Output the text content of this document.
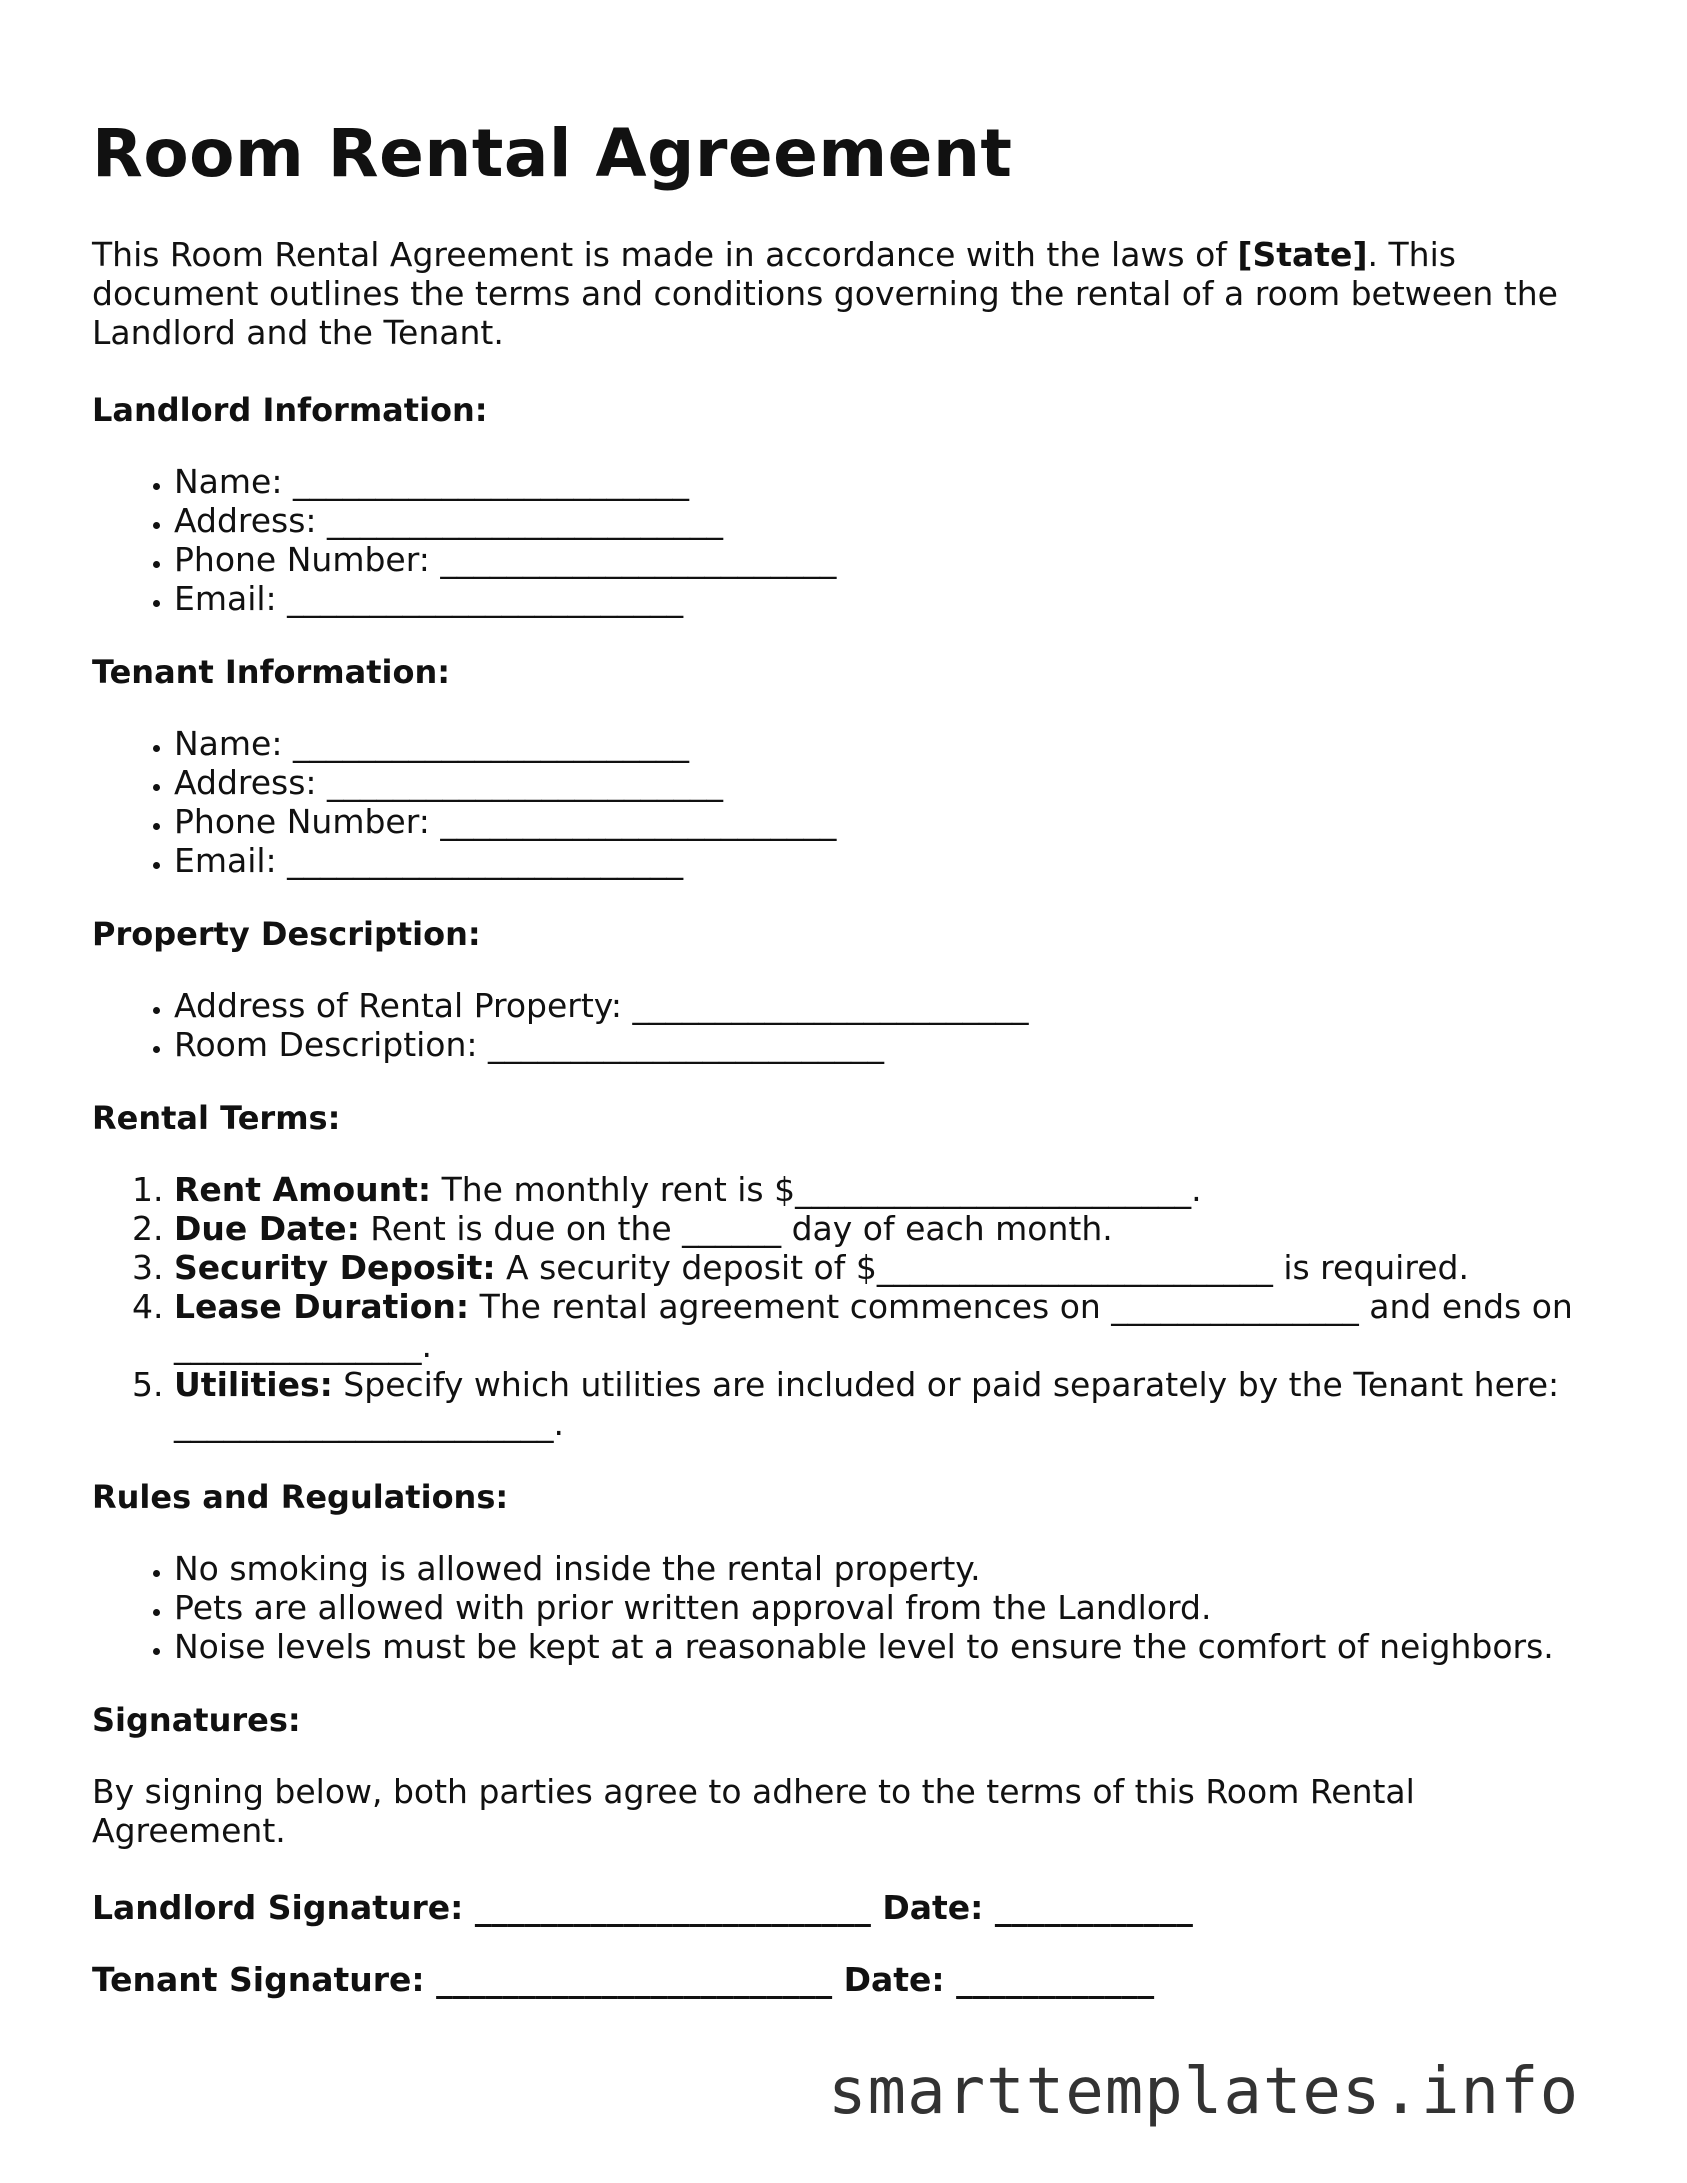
Room Rental Agreement

This Room Rental Agreement is made in accordance with the laws of [State]. This document outlines the terms and conditions governing the rental of a room between the Landlord and the Tenant.

Landlord Information:
• Name: ________________________
• Address: ________________________
• Phone Number: ________________________
• Email: ________________________
Tenant Information:
• Name: ________________________
• Address: ________________________
• Phone Number: ________________________
• Email: ________________________
Property Description:
• Address of Rental Property: ________________________
• Room Description: ________________________
Rental Terms:
1. Rent Amount: The monthly rent is $________________________.
2. Due Date: Rent is due on the ______ day of each month.
3. Security Deposit: A security deposit of $________________________ is required.
4. Lease Duration: The rental agreement commences on _______________ and ends on _______________.
5. Utilities: Specify which utilities are included or paid separately by the Tenant here: _______________________.
Rules and Regulations:
• No smoking is allowed inside the rental property.
• Pets are allowed with prior written approval from the Landlord.
• Noise levels must be kept at a reasonable level to ensure the comfort of neighbors.
Signatures:

By signing below, both parties agree to adhere to the terms of this Room Rental Agreement.

Landlord Signature: ________________________ Date: ____________
Tenant Signature: ________________________ Date: ____________
smarttemplates.info
